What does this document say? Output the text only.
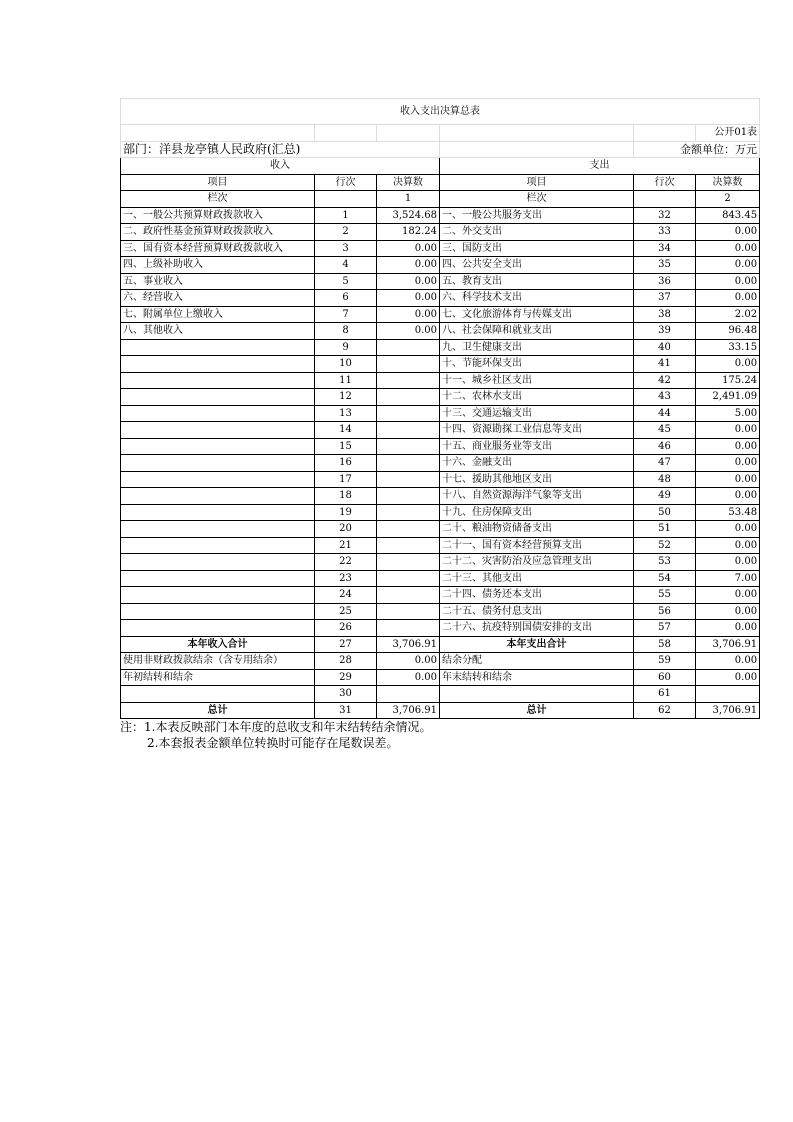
收入支出决算总表					
					公开01表
部门：洋县龙亭镇人民政府(汇总)				金额单位：万元	
收入			支出		
项目	行次	决算数	项目	行次	决算数
栏次		1	栏次		2
一、一般公共预算财政拨款收入	1	3,524.68	一、一般公共服务支出	32	843.45
二、政府性基金预算财政拨款收入	2	182.24	二、外交支出	33	0.00
三、国有资本经营预算财政拨款收入	3	0.00	三、国防支出	34	0.00
四、上级补助收入	4	0.00	四、公共安全支出	35	0.00
五、事业收入	5	0.00	五、教育支出	36	0.00
六、经营收入	6	0.00	六、科学技术支出	37	0.00
七、附属单位上缴收入	7	0.00	七、文化旅游体育与传媒支出	38	2.02
八、其他收入	8	0.00	八、社会保障和就业支出	39	96.48
	9		九、卫生健康支出	40	33.15
	10		十、节能环保支出	41	0.00
	11		十一、城乡社区支出	42	175.24
	12		十二、农林水支出	43	2,491.09
	13		十三、交通运输支出	44	5.00
	14		十四、资源勘探工业信息等支出	45	0.00
	15		十五、商业服务业等支出	46	0.00
	16		十六、金融支出	47	0.00
	17		十七、援助其他地区支出	48	0.00
	18		十八、自然资源海洋气象等支出	49	0.00
	19		十九、住房保障支出	50	53.48
	20		二十、粮油物资储备支出	51	0.00
	21		二十一、国有资本经营预算支出	52	0.00
	22		二十二、灾害防治及应急管理支出	53	0.00
	23		二十三、其他支出	54	7.00
	24		二十四、债务还本支出	55	0.00
	25		二十五、债务付息支出	56	0.00
	26		二十六、抗疫特别国债安排的支出	57	0.00
本年收入合计	27	3,706.91	本年支出合计	58	3,706.91
使用非财政拨款结余（含专用结余）	28	0.00	结余分配	59	0.00
年初结转和结余	29	0.00	年末结转和结余	60	0.00
	30			61	
总计	31	3,706.91	总计	62	3,706.91
注：1.本表反映部门本年度的总收支和年末结转结余情况。
2.本套报表金额单位转换时可能存在尾数误差。
